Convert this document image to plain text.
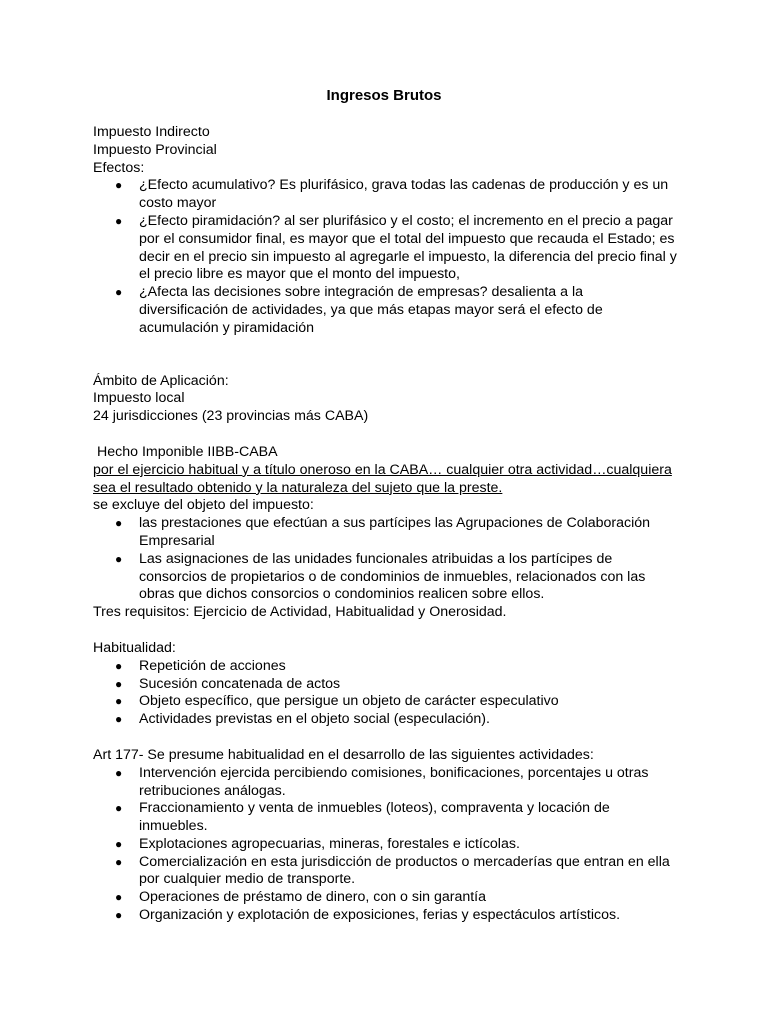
Ingresos Brutos

Impuesto Indirecto

Impuesto Provincial

Efectos:

● ¿Efecto acumulativo? Es plurifásico, grava todas las cadenas de producción y es un costo mayor
● ¿Efecto piramidación? al ser plurifásico y el costo; el incremento en el precio a pagar por el consumidor final, es mayor que el total del impuesto que recauda el Estado; es decir en el precio sin impuesto al agregarle el impuesto, la diferencia del precio final y el precio libre es mayor que el monto del impuesto,
● ¿Afecta las decisiones sobre integración de empresas? desalienta a la diversificación de actividades, ya que más etapas mayor será el efecto de acumulación y piramidación

Ámbito de Aplicación:

Impuesto local

24 jurisdicciones (23 provincias más CABA)

Hecho Imponible IIBB-CABA

por el ejercicio habitual y a título oneroso en la CABA… cualquier otra actividad…cualquiera sea el resultado obtenido y la naturaleza del sujeto que la preste.

se excluye del objeto del impuesto:

● las prestaciones que efectúan a sus partícipes las Agrupaciones de Colaboración Empresarial
● Las asignaciones de las unidades funcionales atribuidas a los partícipes de consorcios de propietarios o de condominios de inmuebles, relacionados con las obras que dichos consorcios o condominios realicen sobre ellos.

Tres requisitos: Ejercicio de Actividad, Habitualidad y Onerosidad.

Habitualidad:

● Repetición de acciones
● Sucesión concatenada de actos
● Objeto específico, que persigue un objeto de carácter especulativo
● Actividades previstas en el objeto social (especulación).

Art 177- Se presume habitualidad en el desarrollo de las siguientes actividades:

● Intervención ejercida percibiendo comisiones, bonificaciones, porcentajes u otras retribuciones análogas.
● Fraccionamiento y venta de inmuebles (loteos), compraventa y locación de inmuebles.
● Explotaciones agropecuarias, mineras, forestales e ictícolas.
● Comercialización en esta jurisdicción de productos o mercaderías que entran en ella por cualquier medio de transporte.
● Operaciones de préstamo de dinero, con o sin garantía
● Organización y explotación de exposiciones, ferias y espectáculos artísticos.
